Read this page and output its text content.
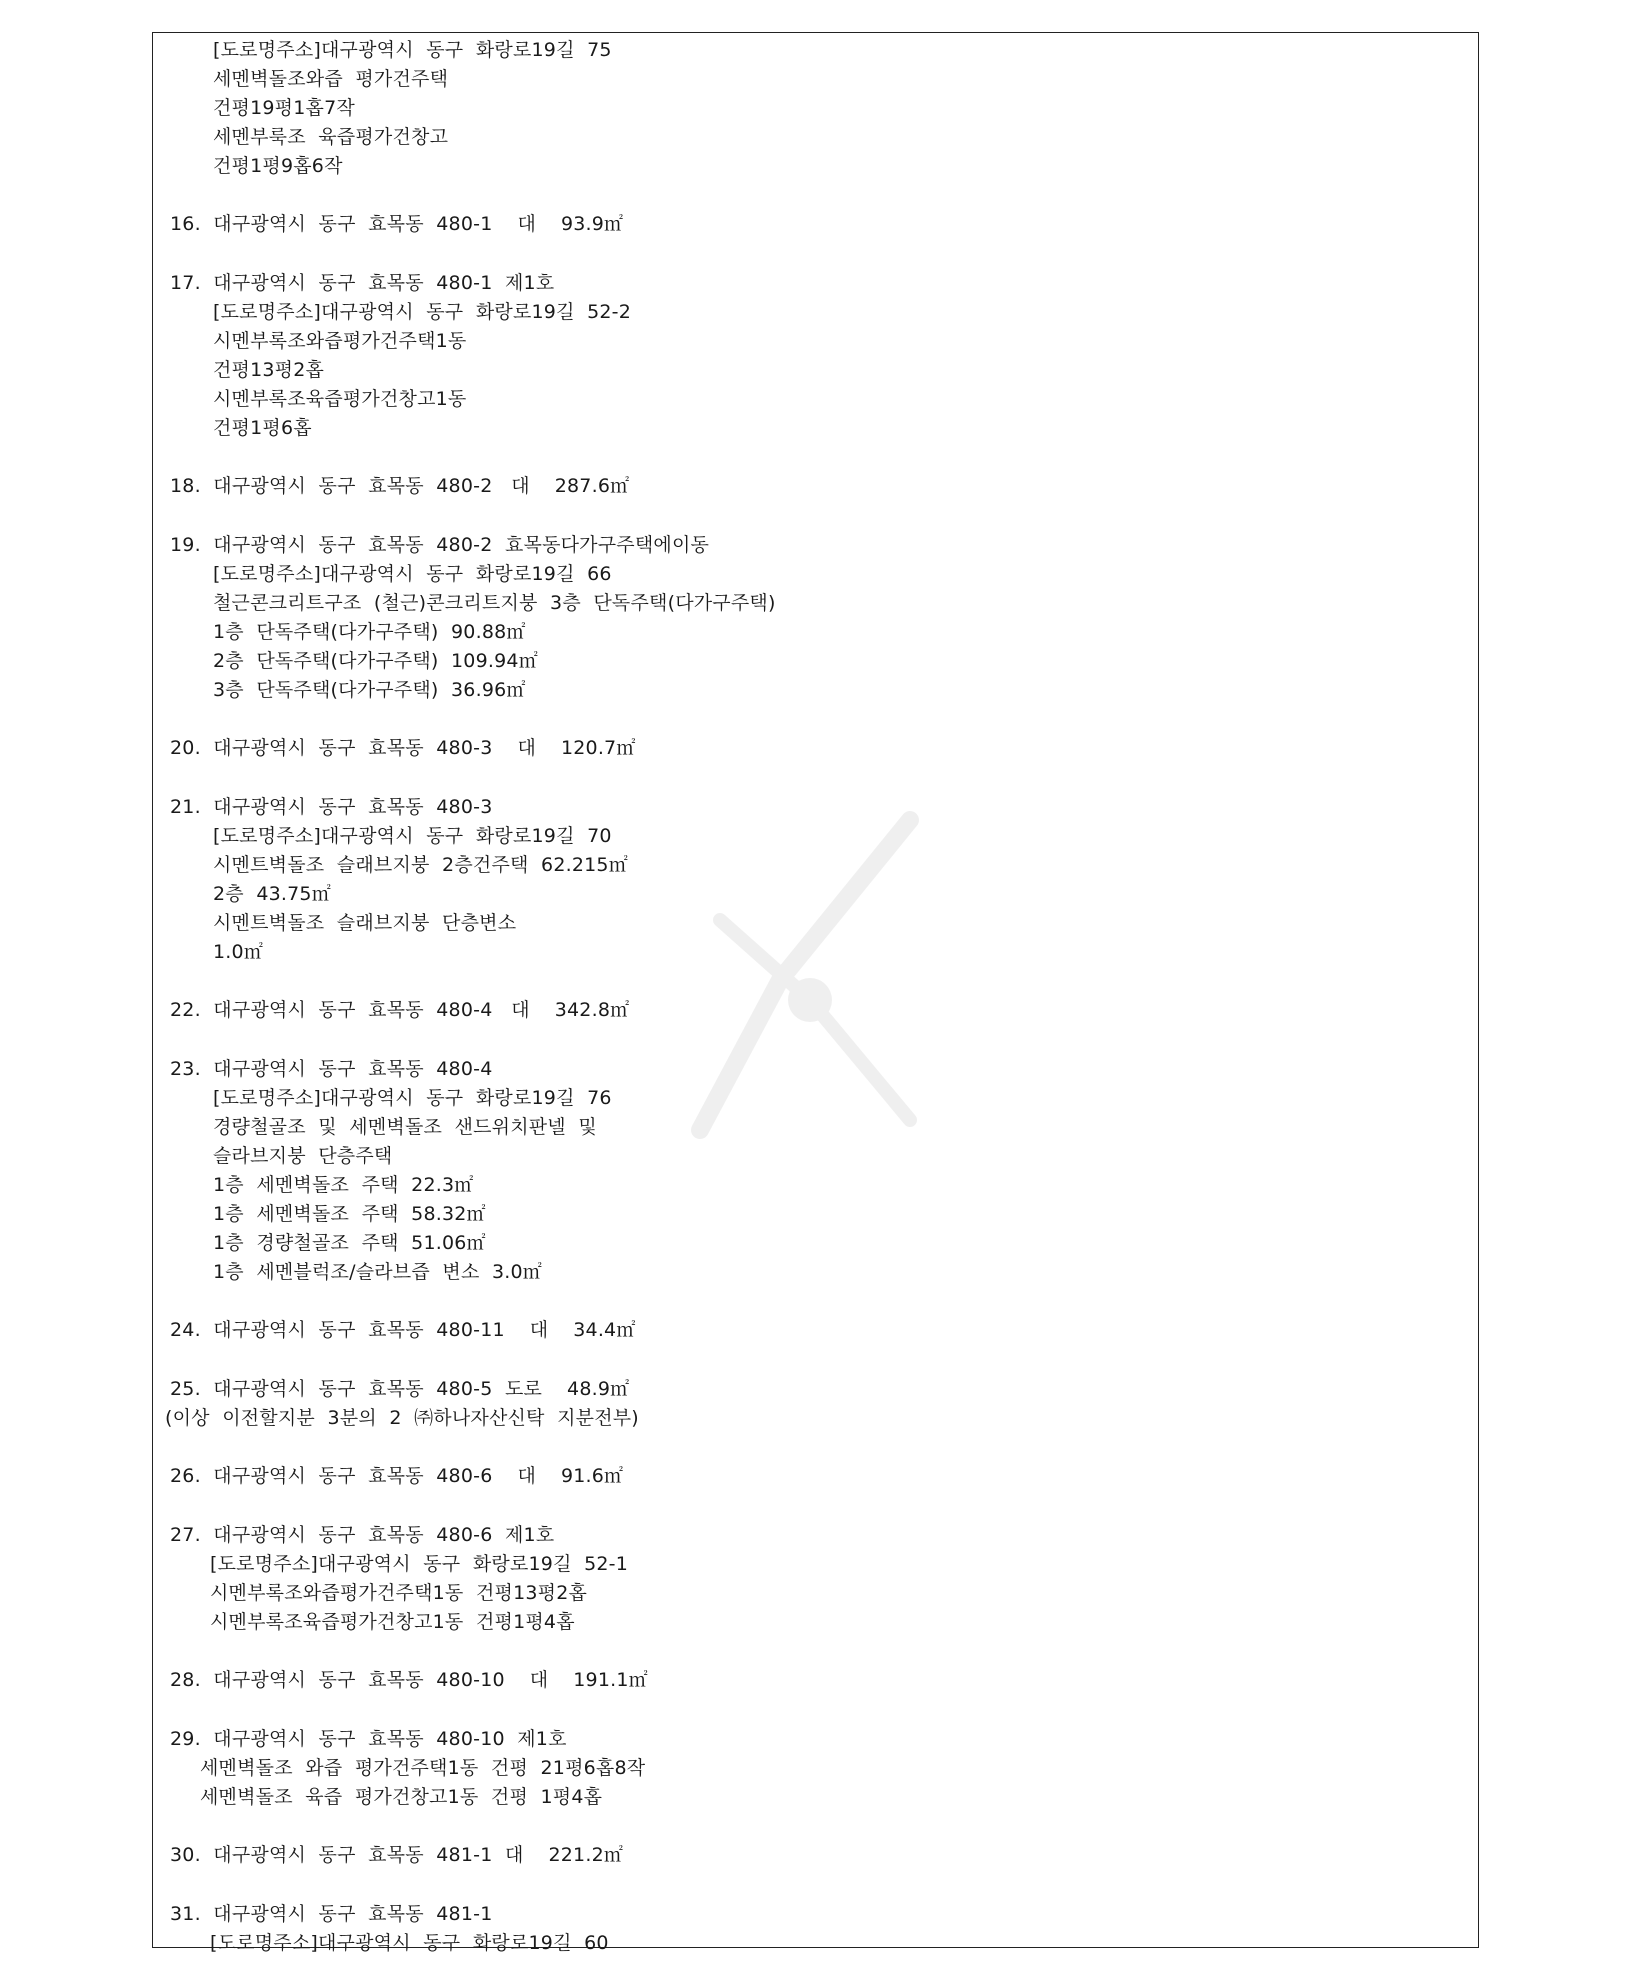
[도로명주소]대구광역시  동구  화랑로19길  75
세멘벽돌조와즙  평가건주택
건평19평1홉7작
세멘부룩조  육즙평가건창고
건평1평9홉6작
16.  대구광역시  동구  효목동  480-1    대    93.9㎡
17.  대구광역시  동구  효목동  480-1  제1호
[도로명주소]대구광역시  동구  화랑로19길  52-2
시멘부록조와즙평가건주택1동
건평13평2홉
시멘부록조육즙평가건창고1동
건평1평6홉
18.  대구광역시  동구  효목동  480-2   대    287.6㎡
19.  대구광역시  동구  효목동  480-2  효목동다가구주택에이동
[도로명주소]대구광역시  동구  화랑로19길  66
철근콘크리트구조  (철근)콘크리트지붕  3층  단독주택(다가구주택)
1층  단독주택(다가구주택)  90.88㎡
2층  단독주택(다가구주택)  109.94㎡
3층  단독주택(다가구주택)  36.96㎡
20.  대구광역시  동구  효목동  480-3    대    120.7㎡
21.  대구광역시  동구  효목동  480-3
[도로명주소]대구광역시  동구  화랑로19길  70
시멘트벽돌조  슬래브지붕  2층건주택  62.215㎡
2층  43.75㎡
시멘트벽돌조  슬래브지붕  단층변소
1.0㎡
22.  대구광역시  동구  효목동  480-4   대    342.8㎡
23.  대구광역시  동구  효목동  480-4
[도로명주소]대구광역시  동구  화랑로19길  76
경량철골조  및  세멘벽돌조  샌드위치판넬  및
슬라브지붕  단층주택
1층  세멘벽돌조  주택  22.3㎡
1층  세멘벽돌조  주택  58.32㎡
1층  경량철골조  주택  51.06㎡
1층  세멘블럭조/슬라브즙  변소  3.0㎡
24.  대구광역시  동구  효목동  480-11    대    34.4㎡
25.  대구광역시  동구  효목동  480-5  도로    48.9㎡
(이상  이전할지분  3분의  2  ㈜하나자산신탁  지분전부)
26.  대구광역시  동구  효목동  480-6    대    91.6㎡
27.  대구광역시  동구  효목동  480-6  제1호
[도로명주소]대구광역시  동구  화랑로19길  52-1
시멘부록조와즙평가건주택1동  건평13평2홉
시멘부록조육즙평가건창고1동  건평1평4홉
28.  대구광역시  동구  효목동  480-10    대    191.1㎡
29.  대구광역시  동구  효목동  480-10  제1호
세멘벽돌조  와즙  평가건주택1동  건평  21평6홉8작
세멘벽돌조  육즙  평가건창고1동  건평  1평4홉
30.  대구광역시  동구  효목동  481-1  대    221.2㎡
31.  대구광역시  동구  효목동  481-1
[도로명주소]대구광역시  동구  화랑로19길  60
